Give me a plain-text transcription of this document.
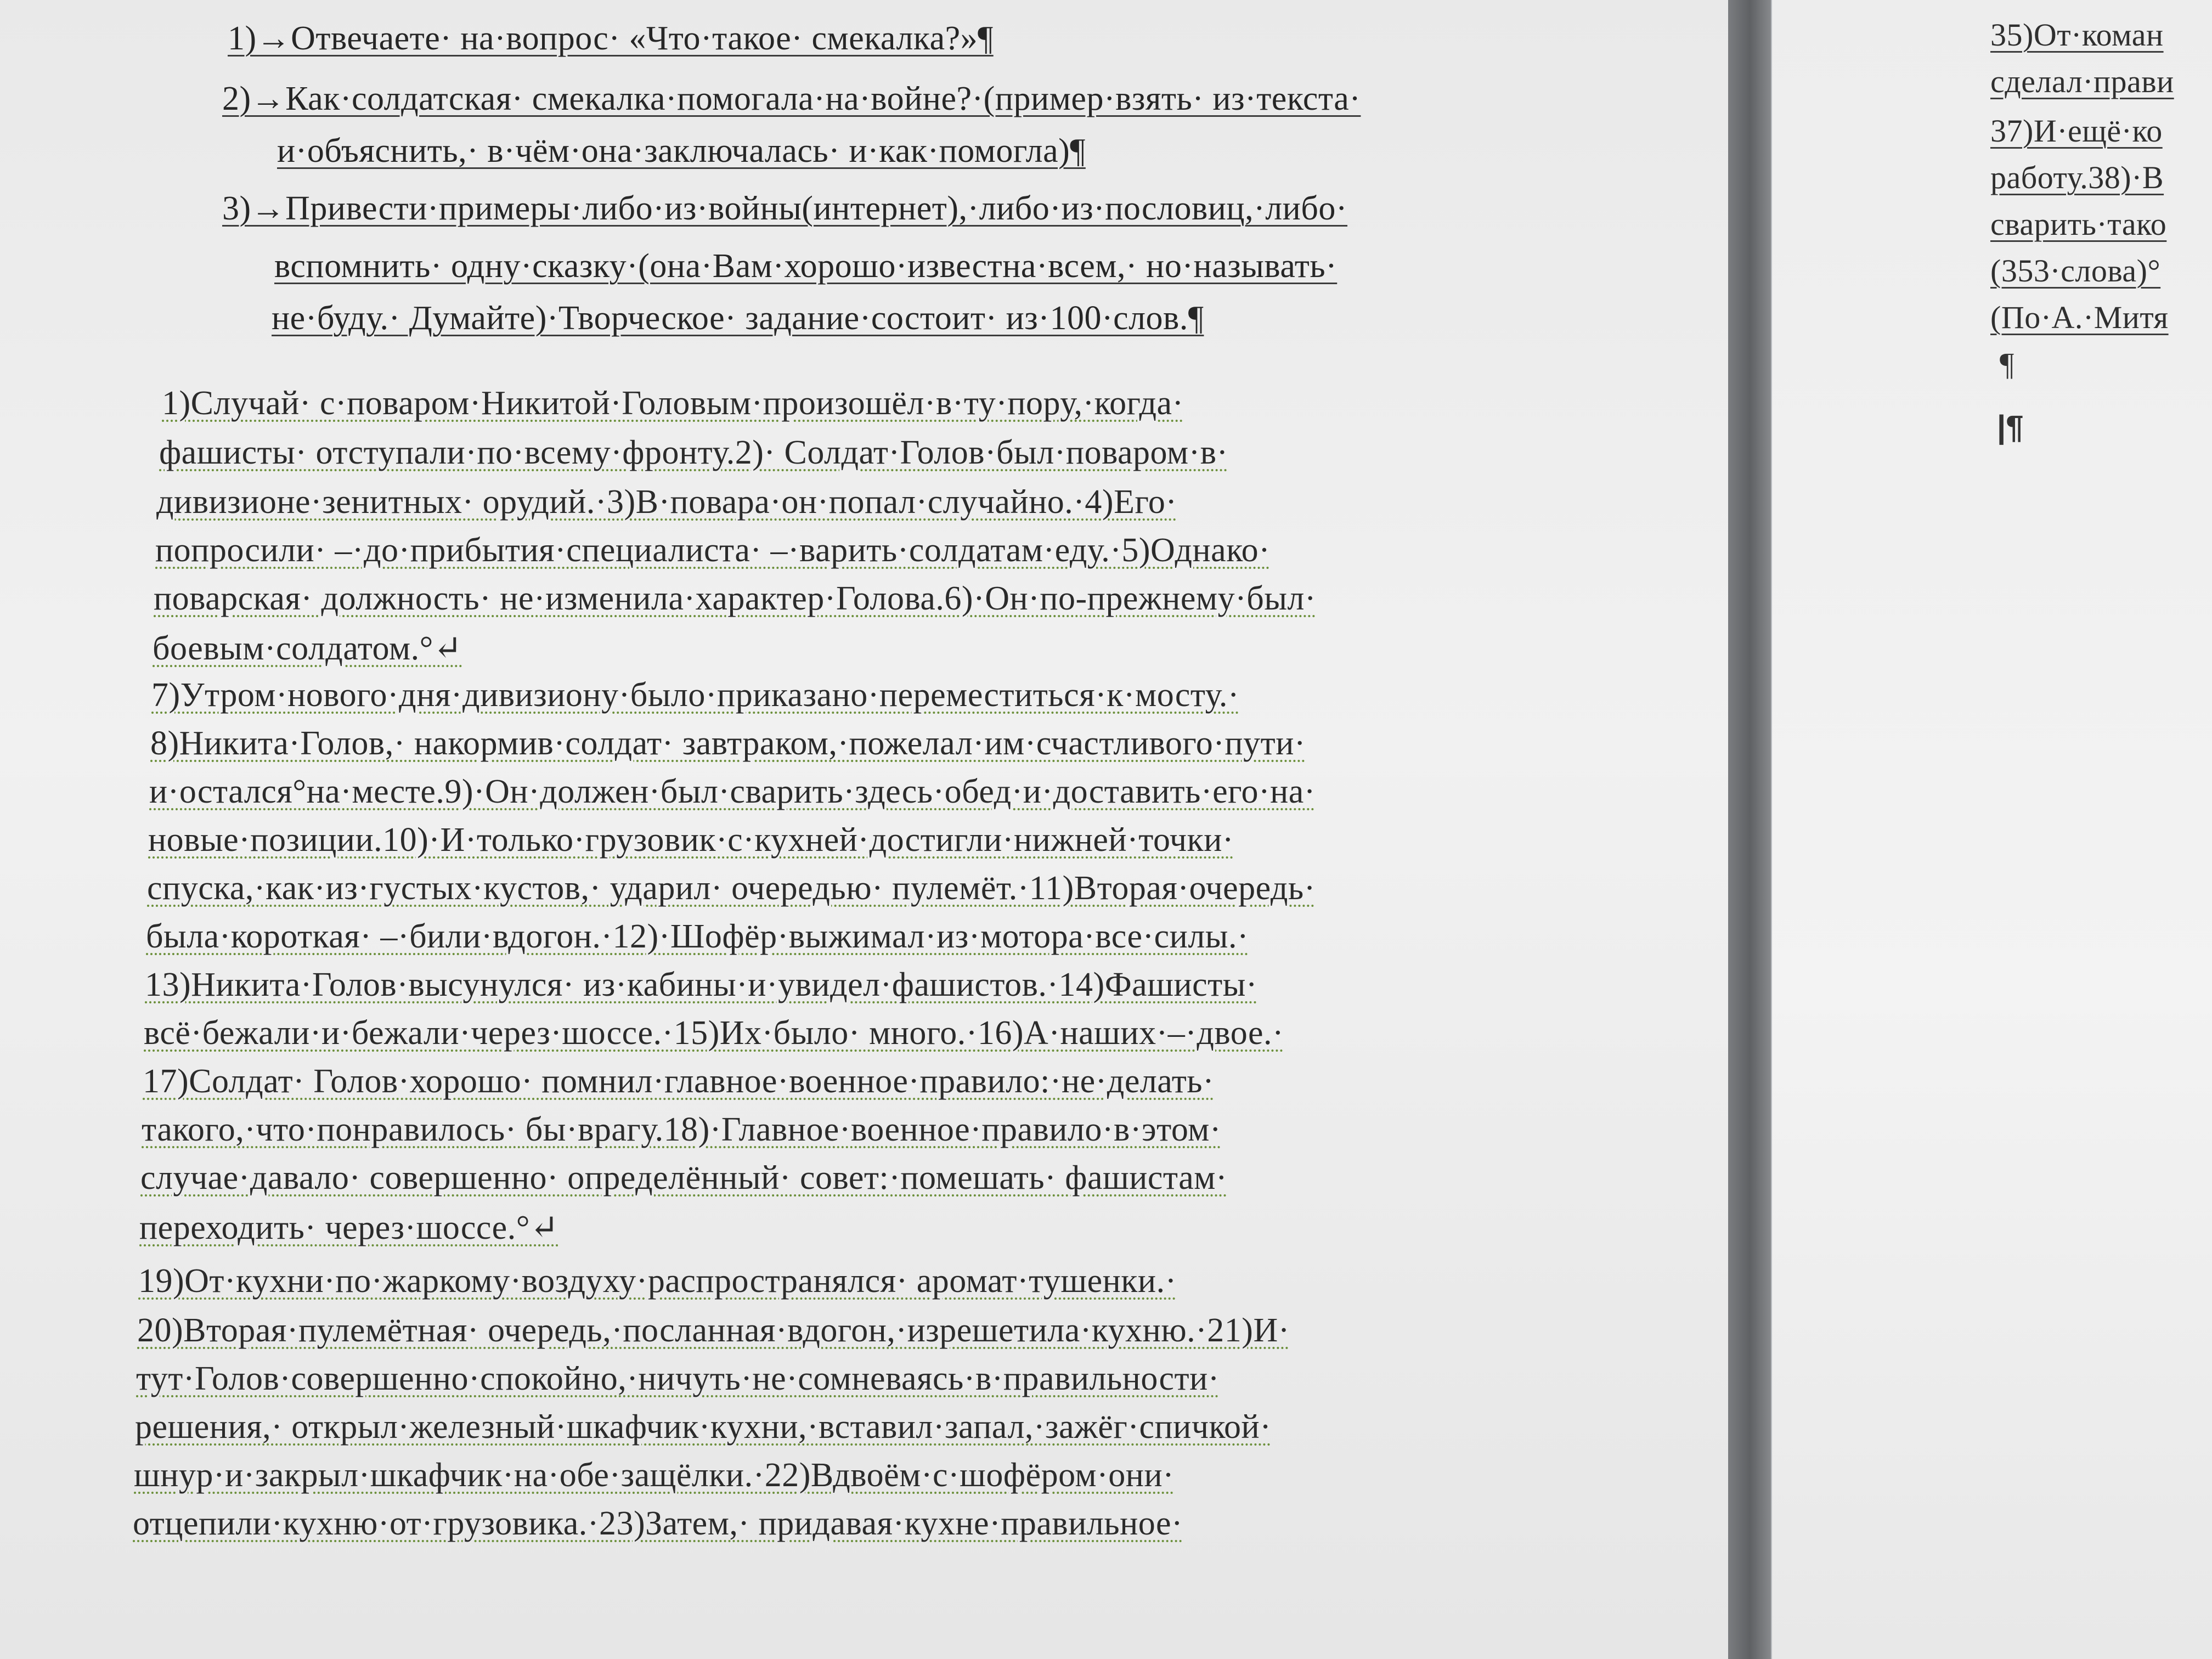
1)→Отвечаете· на·вопрос· «Что·такое· смекалка?»¶
2)→Как·солдатская· смекалка·помогала·на·войне?·(пример·взять· из·текста·
и·объяснить,· в·чём·она·заключалась· и·как·помогла)¶
3)→Привести·примеры·либо·из·войны(интернет),·либо·из·пословиц,·либо·
вспомнить· одну·сказку·(она·Вам·хорошо·известна·всем,· но·называть·
не·буду.· Думайте)·Творческое· задание·состоит· из·100·слов.¶
1)Случай· с·поваром·Никитой·Головым·произошёл·в·ту·пору,·когда·
фашисты· отступали·по·всему·фронту.2)· Солдат·Голов·был·поваром·в·
дивизионе·зенитных· орудий.·3)В·повара·он·попал·случайно.·4)Его·
попросили· –·до·прибытия·специалиста· –·варить·солдатам·еду.·5)Однако·
поварская· должность· не·изменила·характер·Голова.6)·Он·по-прежнему·был·
боевым·солдатом.°↵
7)Утром·нового·дня·дивизиону·было·приказано·переместиться·к·мосту.·
8)Никита·Голов,· накормив·солдат· завтраком,·пожелал·им·счастливого·пути·
и·остался°на·месте.9)·Он·должен·был·сварить·здесь·обед·и·доставить·его·на·
новые·позиции.10)·И·только·грузовик·с·кухней·достигли·нижней·точки·
спуска,·как·из·густых·кустов,· ударил· очередью· пулемёт.·11)Вторая·очередь·
была·короткая· –·били·вдогон.·12)·Шофёр·выжимал·из·мотора·все·силы.·
13)Никита·Голов·высунулся· из·кабины·и·увидел·фашистов.·14)Фашисты·
всё·бежали·и·бежали·через·шоссе.·15)Их·было· много.·16)А·наших·–·двое.·
17)Солдат· Голов·хорошо· помнил·главное·военное·правило:·не·делать·
такого,·что·понравилось· бы·врагу.18)·Главное·военное·правило·в·этом·
случае·давало· совершенно· определённый· совет:·помешать· фашистам·
переходить· через·шоссе.°↵
19)От·кухни·по·жаркому·воздуху·распространялся· аромат·тушенки.·
20)Вторая·пулемётная· очередь,·посланная·вдогон,·изрешетила·кухню.·21)И·
тут·Голов·совершенно·спокойно,·ничуть·не·сомневаясь·в·правильности·
решения,· открыл·железный·шкафчик·кухни,·вставил·запал,·зажёг·спичкой·
шнур·и·закрыл·шкафчик·на·обе·защёлки.·22)Вдвоём·с·шофёром·они·
отцепили·кухню·от·грузовика.·23)Затем,· придавая·кухне·правильное·
35)От·коман
сделал·прави
37)И·ещё·ко
работу.38)·В
сварить·тако
(353·слова)°
(По·А.·Митя
¶
|¶
